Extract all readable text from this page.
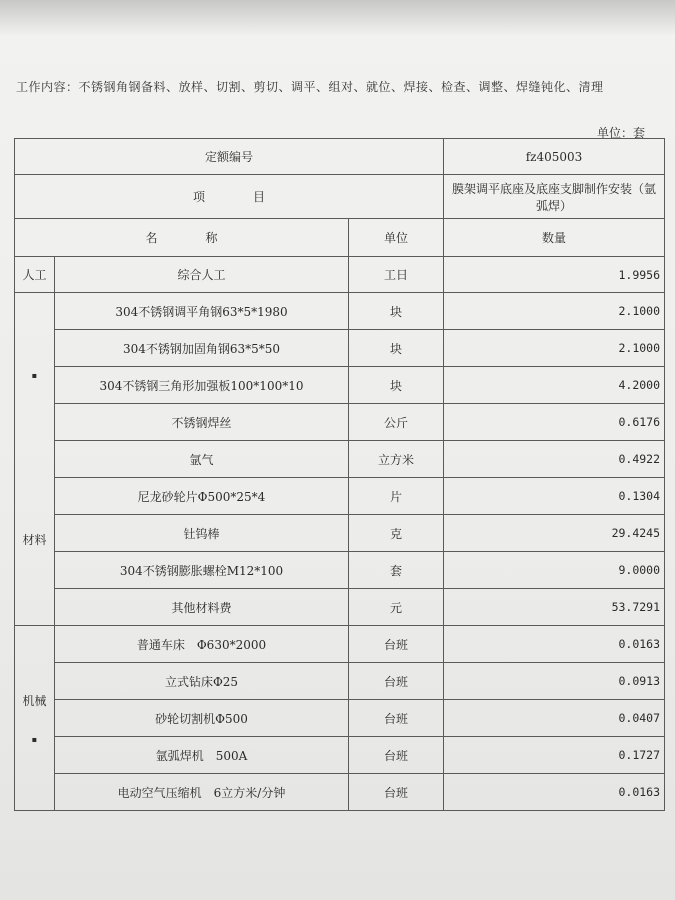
工作内容：不锈钢角钢备料、放样、切割、剪切、调平、组对、就位、焊接、检查、调整、焊缝钝化、清理
单位：套
定额编号			fz405003
项　　　　目			膜架调平底座及底座支脚制作安装（氩弧焊）
名　　　　称		单位	数量
人工	综合人工	工日	1.9956

▪
材料	304不锈钢调平角钢63*5*1980	块	2.1000
	304不锈钢加固角钢63*5*50	块	2.1000
	304不锈钢三角形加强板100*100*10	块	4.2000
	不锈钢焊丝	公斤	0.6176
	氩气	立方米	0.4922
	尼龙砂轮片Φ500*25*4	片	0.1304
	钍钨棒	克	29.4245
	304不锈钢膨胀螺栓M12*100	套	9.0000
	其他材料费	元	53.7291

机械
▪	普通车床　Φ630*2000	台班	0.0163
	立式钻床Φ25	台班	0.0913
	砂轮切割机Φ500	台班	0.0407
	氩弧焊机　500A	台班	0.1727
	电动空气压缩机　6立方米/分钟	台班	0.0163
